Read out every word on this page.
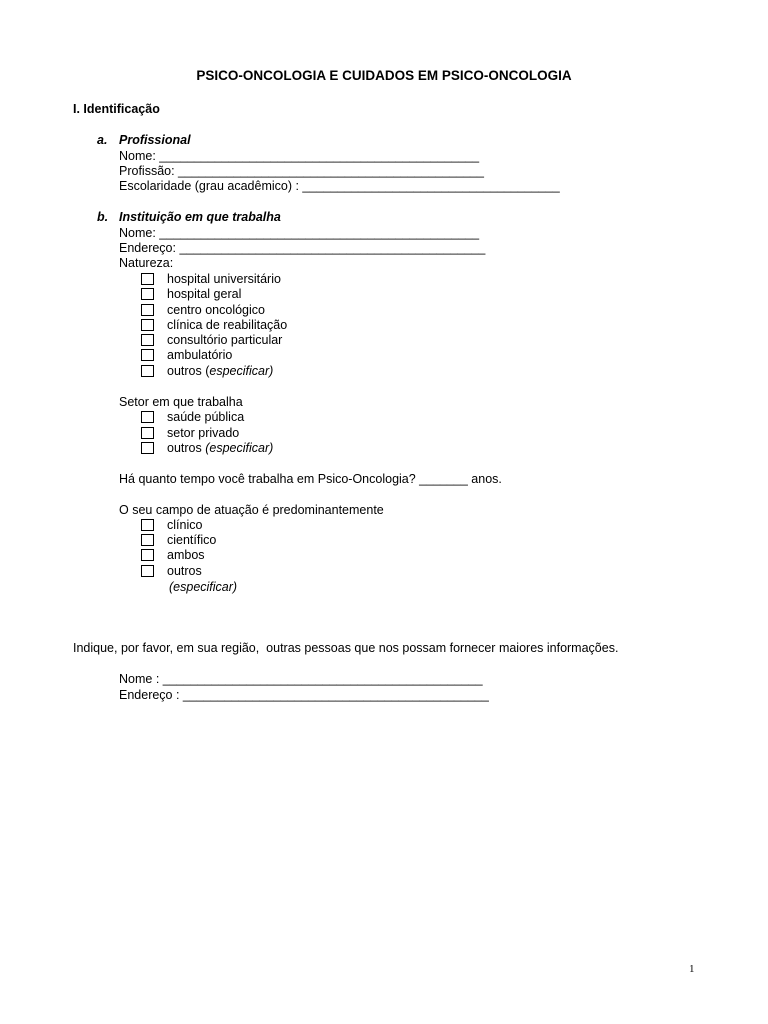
PSICO-ONCOLOGIA E CUIDADOS EM PSICO-ONCOLOGIA
I. Identificação
a. Profissional
Nome: ______________________________________________
Profissão: ____________________________________________
Escolaridade (grau acadêmico) : _____________________________________
b. Instituição em que trabalha
Nome: ______________________________________________
Endereço: ____________________________________________
Natureza:
hospital universitário
hospital geral
centro oncológico
clínica de reabilitação
consultório particular
ambulatório
outros (especificar)
Setor em que trabalha
saúde pública
setor privado
outros (especificar)
Há quanto tempo você trabalha em Psico-Oncologia? _______ anos.
O seu campo de atuação é predominantemente
clínico
científico
ambos
outros
(especificar)
Indique, por favor, em sua região,  outras pessoas que nos possam fornecer maiores informações.
Nome : ______________________________________________
Endereço : ____________________________________________
1
